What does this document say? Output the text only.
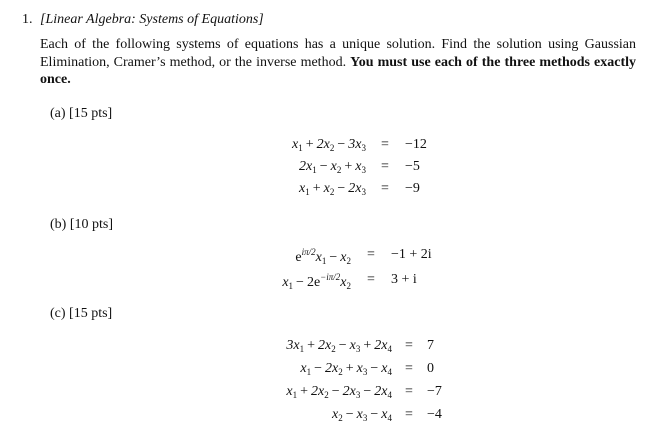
1. [Linear Algebra: Systems of Equations]
Each of the following systems of equations has a unique solution. Find the solution using Gaussian Elimination, Cramer’s method, or the inverse method. You must use each of the three methods exactly once.
(a) [15 pts]
$x_1 + 2x_2 - 3x_3 = -12$
$2x_1 - x_2 + x_3 = -5$
$x_1 + x_2 - 2x_3 = -9$
(b) [10 pts]
$e^{i\pi/2}x_1 - x_2 = -1 + 2i$
$x_1 - 2e^{-i\pi/2}x_2 = 3 + i$
(c) [15 pts]
$3x_1 + 2x_2 - x_3 + 2x_4 = 7$
$x_1 - 2x_2 + x_3 - x_4 = 0$
$x_1 + 2x_2 - 2x_3 - 2x_4 = -7$
$x_2 - x_3 - x_4 = -4$
